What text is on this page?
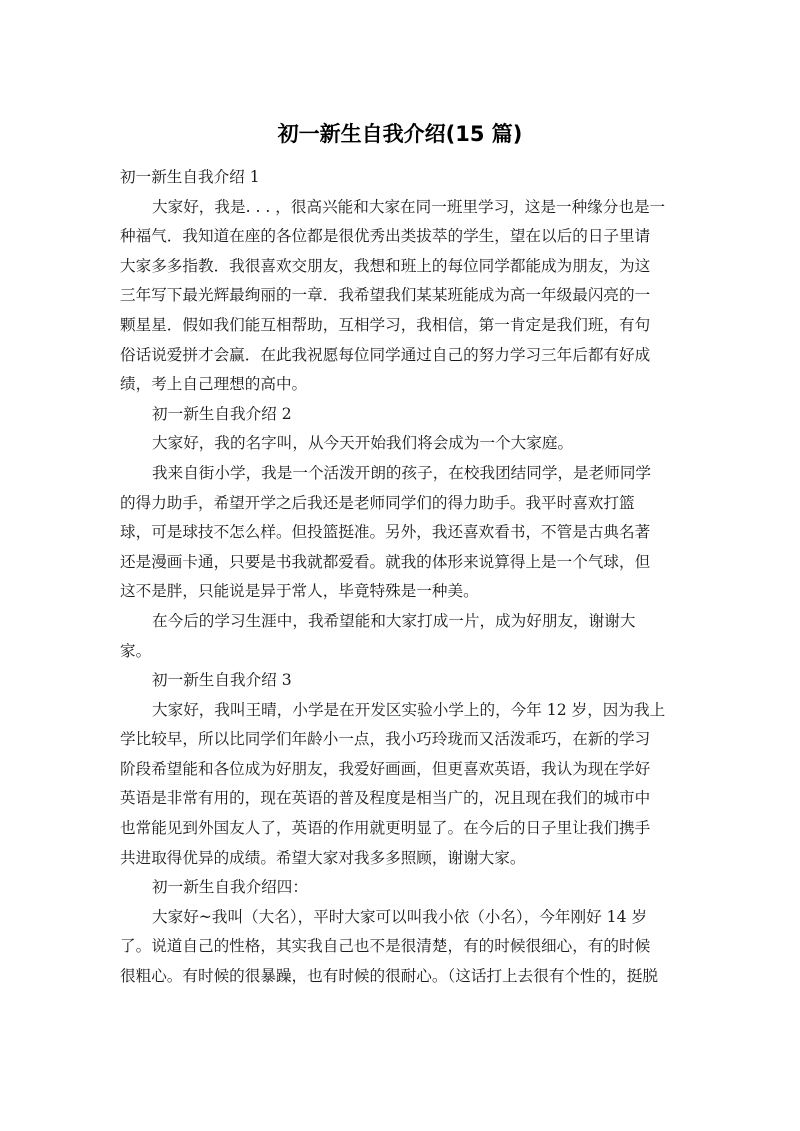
初一新生自我介绍(15 篇)
初一新生自我介绍 1
大家好，我是. . . ，很高兴能和大家在同一班里学习，这是一种缘分也是一
种福气．我知道在座的各位都是很优秀出类拔萃的学生，望在以后的日子里请
大家多多指教．我很喜欢交朋友，我想和班上的每位同学都能成为朋友，为这
三年写下最光辉最绚丽的一章．我希望我们某某班能成为高一年级最闪亮的一
颗星星．假如我们能互相帮助，互相学习，我相信，第一肯定是我们班，有句
俗话说爱拼才会赢．在此我祝愿每位同学通过自己的努力学习三年后都有好成
绩，考上自己理想的高中。
初一新生自我介绍 2
大家好，我的名字叫，从今天开始我们将会成为一个大家庭。
我来自街小学，我是一个活泼开朗的孩子，在校我团结同学，是老师同学
的得力助手，希望开学之后我还是老师同学们的得力助手。我平时喜欢打篮
球，可是球技不怎么样。但投篮挺准。另外，我还喜欢看书，不管是古典名著
还是漫画卡通，只要是书我就都爱看。就我的体形来说算得上是一个气球，但
这不是胖，只能说是异于常人，毕竟特殊是一种美。
在今后的学习生涯中，我希望能和大家打成一片，成为好朋友，谢谢大
家。
初一新生自我介绍 3
大家好，我叫王晴，小学是在开发区实验小学上的，今年 12 岁，因为我上
学比较早，所以比同学们年龄小一点，我小巧玲珑而又活泼乖巧，在新的学习
阶段希望能和各位成为好朋友，我爱好画画，但更喜欢英语，我认为现在学好
英语是非常有用的，现在英语的普及程度是相当广的，况且现在我们的城市中
也常能见到外国友人了，英语的作用就更明显了。在今后的日子里让我们携手
共进取得优异的成绩。希望大家对我多多照顾，谢谢大家。
初一新生自我介绍四：
大家好~我叫（大名），平时大家可以叫我小依（小名），今年刚好 14 岁
了。说道自己的性格，其实我自己也不是很清楚，有的时候很细心，有的时候
很粗心。有时候的很暴躁，也有时候的很耐心。（这话打上去很有个性的，挺脱
